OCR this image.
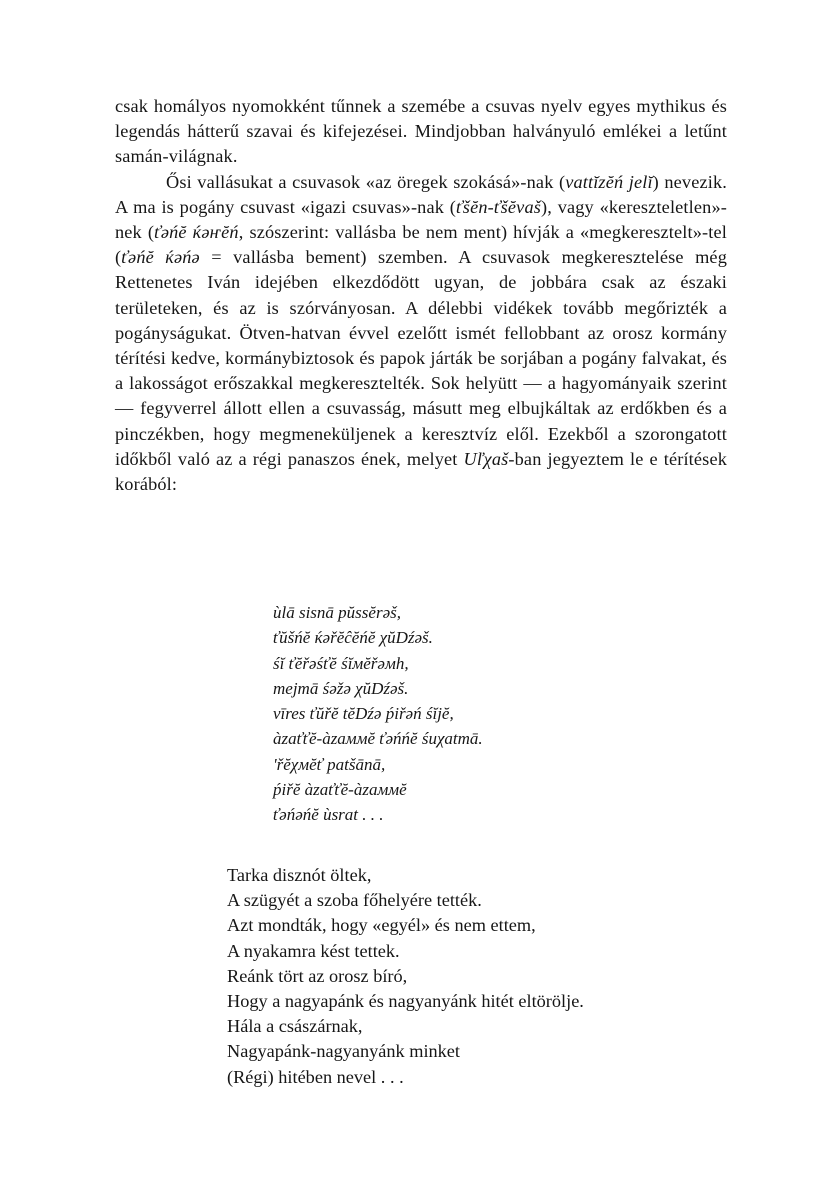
csak homályos nyomokként tűnnek a szemébe a csuvas nyelv egyes mythikus és legendás hátterű szavai és kifejezései. Mindjobban halványuló emlékei a letűnt samán-világnak.

Ősi vallásukat a csuvasok «az öregek szokásá»-nak (vattĭzĕń jelĭ) nevezik. A ma is pogány csuvast «igazi csuvas»-nak (ťšĕn-ťšĕvaš), vagy «kereszteletlen»-nek (ťəńĕ ќəҥĕń, szószerint: vallásba be nem ment) hívják a «megkeresztelt»-tel (ťəńĕ ќəńə = vallásba bement) szemben. A csuvasok megkeresztelése még Rettenetes Iván idejében elkezdődött ugyan, de jobbára csak az északi területeken, és az is szórványosan. A délebbi vidékek tovább megőrizték a pogányságukat. Ötven-hatvan évvel ezelőtt ismét fellobbant az orosz kormány térítési kedve, kormánybiztosok és papok járták be sorjában a pogány falvakat, és a lakosságot erőszakkal megkeresztelték. Sok helyütt — a hagyományaik szerint — fegyverrel állott ellen a csuvasság, másutt meg elbujkáltak az erdőkben és a pinczékben, hogy megmeneküljenek a keresztvíz elől. Ezekből a szorongatott időkből való az a régi panaszos ének, melyet Uľχaš-ban jegyeztem le e térítések korából:

ùlā sisnā pŭssĕrəš,
ťŭšńĕ ќəřĕĉĕńĕ χŭDźəš.
śĭ ťĕřəśťĕ śĭмĕřəмh,
mejmā śəžə χŭDźəš.
vīres ťŭřĕ tĕDźə ṕiřəń śĭjĕ,
àzaťťĕ-àzaммĕ ťəńńĕ śuχatmā.
'řĕχмĕť patšānā,
ṕiřĕ àzaťťĕ-àzaммĕ
ťəńəńĕ ùsrat . . .
Tarka disznót öltek,
A szügyét a szoba főhelyére tették.
Azt mondták, hogy «egyél» és nem ettem,
A nyakamra kést tettek.
Reánk tört az orosz bíró,
Hogy a nagyapánk és nagyanyánk hitét eltörölje.
Hála a császárnak,
Nagyapánk-nagyanyánk minket
(Régi) hitében nevel . . .
